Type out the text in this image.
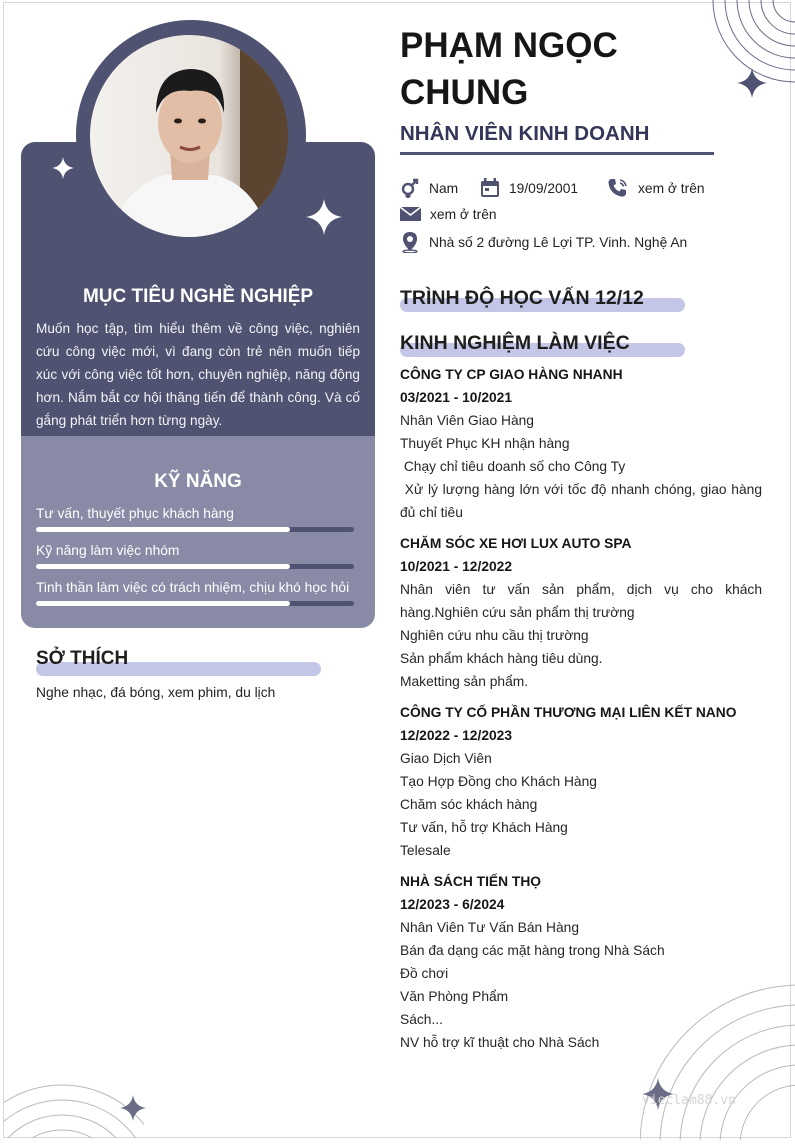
MỤC TIÊU NGHỀ NGHIỆP
Muốn học tập, tìm hiểu thêm về công việc, nghiên cứu công việc mới, vì đang còn trẻ nên muốn tiếp xúc với công việc tốt hơn, chuyên nghiệp, năng động hơn. Nắm bắt cơ hội thăng tiến để thành công. Và cố gắng phát triển hơn từng ngày.
KỸ NĂNG
Tư vấn, thuyết phục khách hàng
Kỹ năng làm việc nhóm
Tinh thần làm việc có trách nhiệm, chịu khó học hỏi
SỞ THÍCH
Nghe nhạc, đá bóng, xem phim, du lịch
PHẠM NGỌC CHUNG
NHÂN VIÊN KINH DOANH
Nam	19/09/2001	xem ở trên
xem ở trên
Nhà số 2 đường Lê Lợi TP. Vinh. Nghệ An
TRÌNH ĐỘ HỌC VẤN 12/12
KINH NGHIỆM LÀM VIỆC
CÔNG TY CP GIAO HÀNG NHANH
03/2021 - 10/2021
Nhân Viên Giao Hàng
Thuyết Phục KH nhận hàng
Chạy chỉ tiêu doanh số cho Công Ty
Xử lý lượng hàng lớn với tốc độ nhanh chóng, giao hàng đủ chỉ tiêu
CHĂM SÓC XE HƠI LUX AUTO SPA
10/2021 - 12/2022
Nhân viên tư vấn sản phẩm, dịch vụ cho khách hàng.Nghiên cứu sản phẩm thị trường
Nghiên cứu nhu cầu thị trường
Sản phẩm khách hàng tiêu dùng.
Maketting sản phẩm.
CÔNG TY CỐ PHẦN THƯƠNG MẠI LIÊN KẾT NANO
12/2022 - 12/2023
Giao Dịch Viên
Tạo Hợp Đồng cho Khách Hàng
Chăm sóc khách hàng
Tư vấn, hỗ trợ Khách Hàng
Telesale
NHÀ SÁCH TIẾN THỌ
12/2023 - 6/2024
Nhân Viên Tư Vấn Bán Hàng
Bán đa dạng các mặt hàng trong Nhà Sách
Đồ chơi
Văn Phòng Phẩm
Sách...
NV hỗ trợ kĩ thuật cho Nhà Sách
vieclam88.vn
